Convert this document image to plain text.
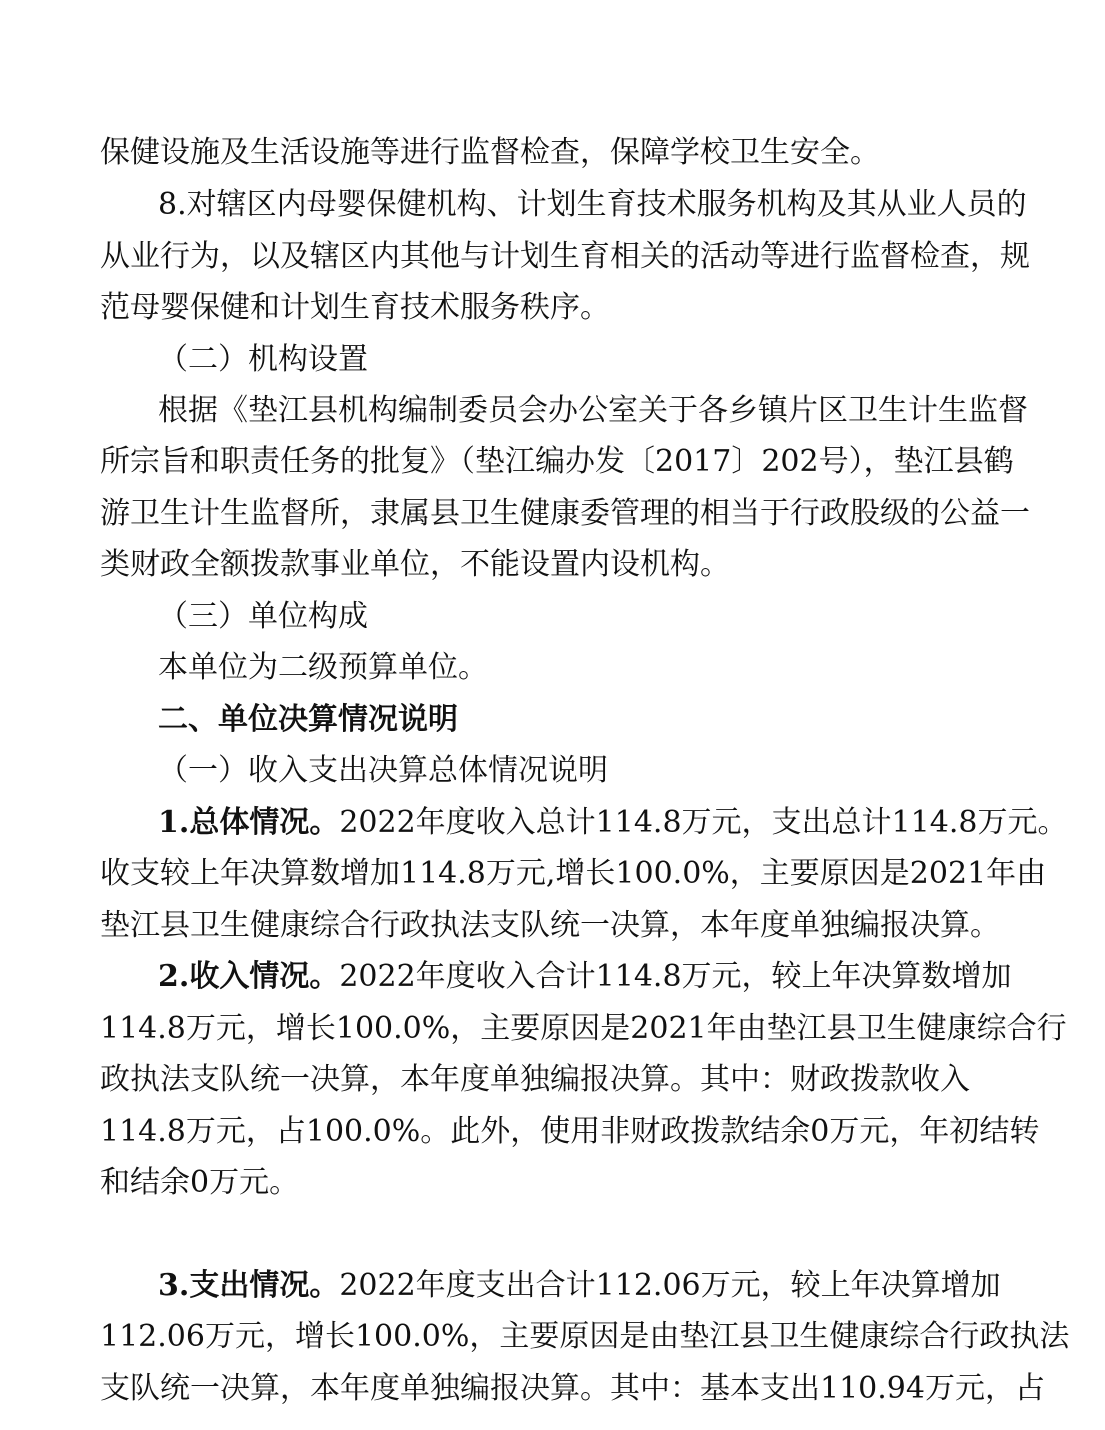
保健设施及生活设施等进行监督检查，保障学校卫生安全。
8.对辖区内母婴保健机构、计划生育技术服务机构及其从业人员的
从业行为，以及辖区内其他与计划生育相关的活动等进行监督检查，规
范母婴保健和计划生育技术服务秩序。
（二）机构设置
根据《垫江县机构编制委员会办公室关于各乡镇片区卫生计生监督
所宗旨和职责任务的批复》（垫江编办发〔2017〕202号），垫江县鹤
游卫生计生监督所，隶属县卫生健康委管理的相当于行政股级的公益一
类财政全额拨款事业单位，不能设置内设机构。
（三）单位构成
本单位为二级预算单位。
二、单位决算情况说明
（一）收入支出决算总体情况说明
1.总体情况。2022年度收入总计114.8万元，支出总计114.8万元。
收支较上年决算数增加114.8万元,增长100.0%，主要原因是2021年由
垫江县卫生健康综合行政执法支队统一决算，本年度单独编报决算。
2.收入情况。2022年度收入合计114.8万元，较上年决算数增加
114.8万元，增长100.0%，主要原因是2021年由垫江县卫生健康综合行
政执法支队统一决算，本年度单独编报决算。其中：财政拨款收入
114.8万元，占100.0%。此外，使用非财政拨款结余0万元，年初结转
和结余0万元。
3.支出情况。2022年度支出合计112.06万元，较上年决算增加
112.06万元，增长100.0%，主要原因是由垫江县卫生健康综合行政执法
支队统一决算，本年度单独编报决算。其中：基本支出110.94万元，占
